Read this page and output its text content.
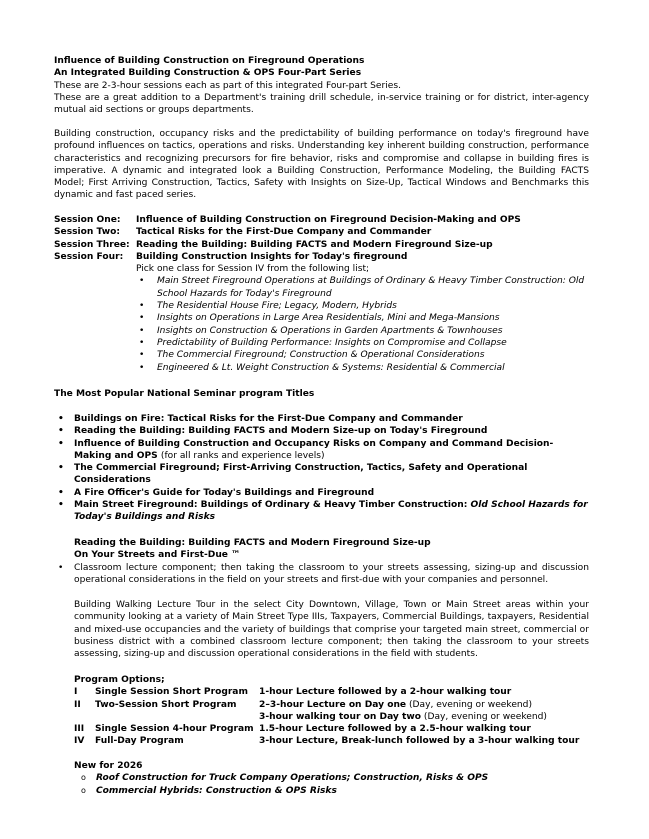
Influence of Building Construction on Fireground Operations
An Integrated Building Construction & OPS Four-Part Series
These are 2-3-hour sessions each as part of this integrated Four-part Series.
These are a great addition to a Department's training drill schedule, in-service training or for district, inter-agency mutual aid sections or groups departments.
Building construction, occupancy risks and the predictability of building performance on today's fireground have profound influences on tactics, operations and risks. Understanding key inherent building construction, performance characteristics and recognizing precursors for fire behavior, risks and compromise and collapse in building fires is imperative. A dynamic and integrated look a Building Construction, Performance Modeling, the Building FACTS Model; First Arriving Construction, Tactics, Safety with Insights on Size-Up, Tactical Windows and Benchmarks this dynamic and fast paced series.
Session One:	Influence of Building Construction on Fireground Decision-Making and OPS
Session Two:	Tactical Risks for the First-Due Company and Commander
Session Three: Reading the Building: Building FACTS and Modern Fireground Size-up
Session Four:	Building Construction Insights for Today's fireground
Pick one class for Session IV from the following list;
• Main Street Fireground Operations at Buildings of Ordinary & Heavy Timber Construction: Old School Hazards for Today's Fireground
• The Residential House Fire; Legacy, Modern, Hybrids
• Insights on Operations in Large Area Residentials, Mini and Mega-Mansions
• Insights on Construction & Operations in Garden Apartments & Townhouses
• Predictability of Building Performance: Insights on Compromise and Collapse
• The Commercial Fireground; Construction & Operational Considerations
• Engineered & Lt. Weight Construction & Systems: Residential & Commercial
The Most Popular National Seminar program Titles
• Buildings on Fire: Tactical Risks for the First-Due Company and Commander
• Reading the Building: Building FACTS and Modern Size-up on Today's Fireground
• Influence of Building Construction and Occupancy Risks on Company and Command Decision-Making and OPS (for all ranks and experience levels)
• The Commercial Fireground; First-Arriving Construction, Tactics, Safety and Operational Considerations
• A Fire Officer's Guide for Today's Buildings and Fireground
• Main Street Fireground: Buildings of Ordinary & Heavy Timber Construction: Old School Hazards for Today's Buildings and Risks
Reading the Building: Building FACTS and Modern Fireground Size-up
On Your Streets and First-Due ™
• Classroom lecture component; then taking the classroom to your streets assessing, sizing-up and discussion operational considerations in the field on your streets and first-due with your companies and personnel.
Building Walking Lecture Tour in the select City Downtown, Village, Town or Main Street areas within your community looking at a variety of Main Street Type IIIs, Taxpayers, Commercial Buildings, taxpayers, Residential and mixed-use occupancies and the variety of buildings that comprise your targeted main street, commercial or business district with a combined classroom lecture component; then taking the classroom to your streets assessing, sizing-up and discussion operational considerations in the field with students.
Program Options;
I	Single Session Short Program	1-hour Lecture followed by a 2-hour walking tour
II	Two-Session Short Program	2–3-hour Lecture on Day one (Day, evening or weekend)
		3-hour walking tour on Day two (Day, evening or weekend)
III	Single Session 4-hour Program	1.5-hour Lecture followed by a 2.5-hour walking tour
IV	Full-Day Program	3-hour Lecture, Break-lunch followed by a 3-hour walking tour
New for 2026
o Roof Construction for Truck Company Operations; Construction, Risks & OPS
o Commercial Hybrids: Construction & OPS Risks
